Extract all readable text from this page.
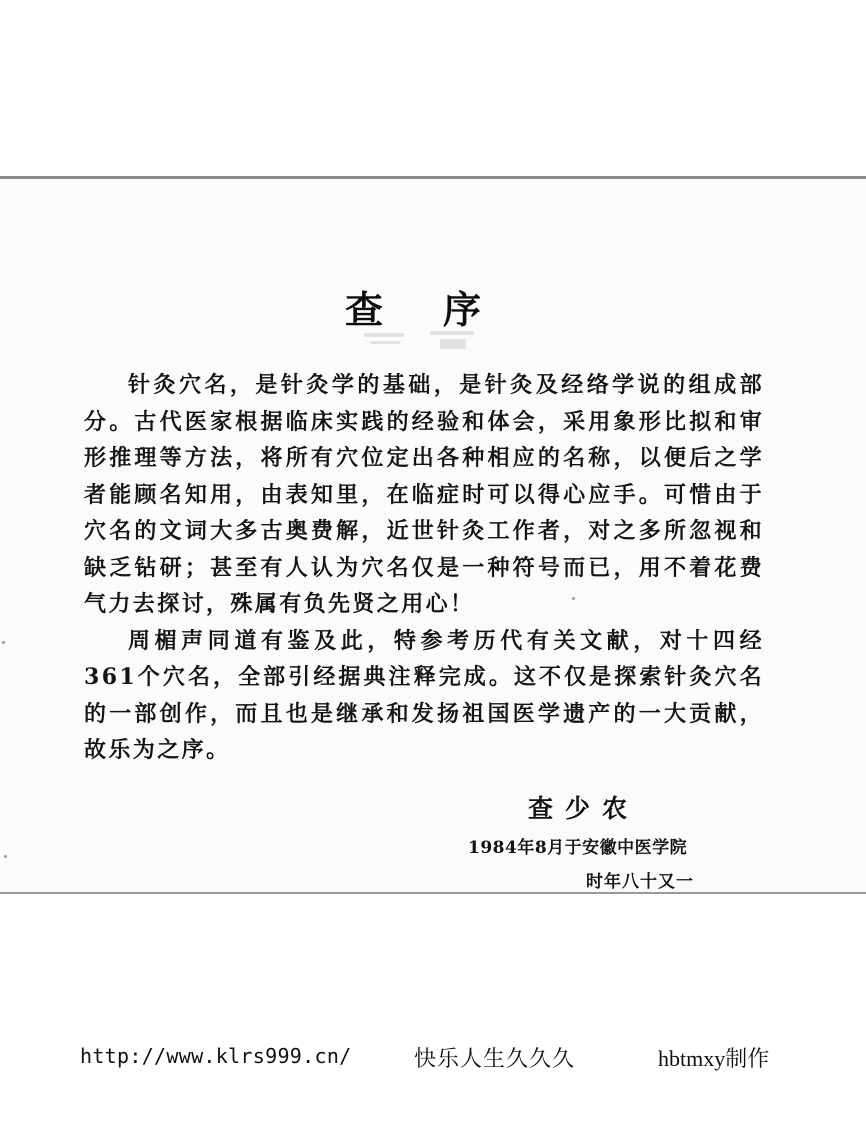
查序

针灸穴名，是针灸学的基础，是针灸及经络学说的组成部分。古代医家根据临床实践的经验和体会，采用象形比拟和审形推理等方法，将所有穴位定出各种相应的名称，以便后之学者能顾名知用，由表知里，在临症时可以得心应手。可惜由于穴名的文词大多古奥费解，近世针灸工作者，对之多所忽视和缺乏钻研；甚至有人认为穴名仅是一种符号而已，用不着花费气力去探讨，殊属有负先贤之用心！

周楣声同道有鉴及此，特参考历代有关文献，对十四经361个穴名，全部引经据典注释完成。这不仅是探索针灸穴名的一部创作，而且也是继承和发扬祖国医学遗产的一大贡献，故乐为之序。

查少农
1984年8月于安徽中医学院
时年八十又一
http://www.klrs999.cn/	快乐人生久久久	hbtmxy制作
